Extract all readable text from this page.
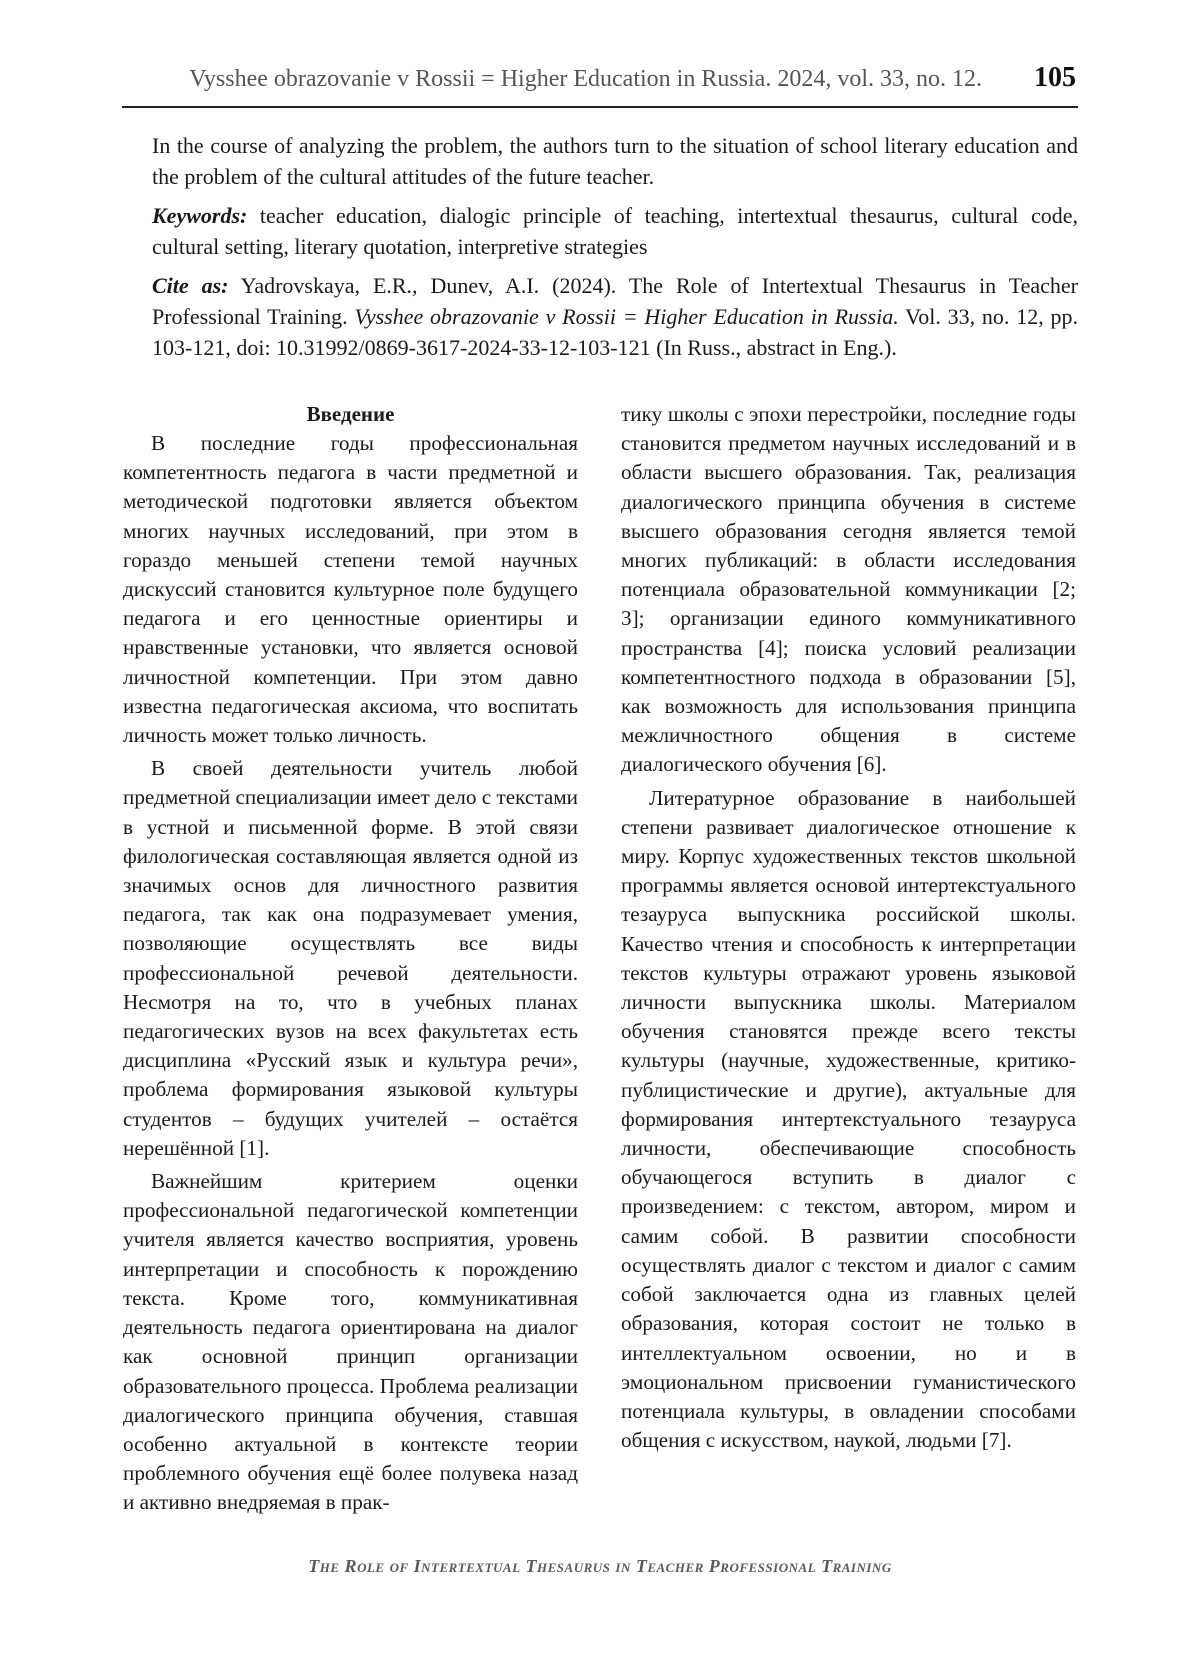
Vysshee obrazovanie v Rossii = Higher Education in Russia. 2024, vol. 33, no. 12. 105

In the course of analyzing the problem, the authors turn to the situation of school literary education and the problem of the cultural attitudes of the future teacher.

Keywords: teacher education, dialogic principle of teaching, intertextual thesaurus, cultural code, cultural setting, literary quotation, interpretive strategies

Cite as: Yadrovskaya, E.R., Dunev, A.I. (2024). The Role of Intertextual Thesaurus in Teacher Professional Training. Vysshee obrazovanie v Rossii = Higher Education in Russia. Vol. 33, no. 12, pp. 103-121, doi: 10.31992/0869-3617-2024-33-12-103-121 (In Russ., abstract in Eng.).

Введение

В последние годы профессиональная компетентность педагога в части предметной и методической подготовки является объектом многих научных исследований, при этом в гораздо меньшей степени темой научных дискуссий становится культурное поле будущего педагога и его ценностные ориентиры и нравственные установки, что является основой личностной компетенции. При этом давно известна педагогическая аксиома, что воспитать личность может только личность.

В своей деятельности учитель любой предметной специализации имеет дело с текстами в устной и письменной форме. В этой связи филологическая составляющая является одной из значимых основ для личностного развития педагога, так как она подразумевает умения, позволяющие осуществлять все виды профессиональной речевой деятельности. Несмотря на то, что в учебных планах педагогических вузов на всех факультетах есть дисциплина «Русский язык и культура речи», проблема формирования языковой культуры студентов – будущих учителей – остаётся нерешённой [1].

Важнейшим критерием оценки профессиональной педагогической компетенции учителя является качество восприятия, уровень интерпретации и способность к порождению текста. Кроме того, коммуникативная деятельность педагога ориентирована на диалог как основной принцип организации образовательного процесса. Проблема реализации диалогического принципа обучения, ставшая особенно актуальной в контексте теории проблемного обучения ещё более полувека назад и активно внедряемая в прак-

тику школы с эпохи перестройки, последние годы становится предметом научных исследований и в области высшего образования. Так, реализация диалогического принципа обучения в системе высшего образования сегодня является темой многих публикаций: в области исследования потенциала образовательной коммуникации [2; 3]; организации единого коммуникативного пространства [4]; поиска условий реализации компетентностного подхода в образовании [5], как возможность для использования принципа межличностного общения в системе диалогического обучения [6].

Литературное образование в наибольшей степени развивает диалогическое отношение к миру. Корпус художественных текстов школьной программы является основой интертекстуального тезауруса выпускника российской школы. Качество чтения и способность к интерпретации текстов культуры отражают уровень языковой личности выпускника школы. Материалом обучения становятся прежде всего тексты культуры (научные, художественные, критико-публицистические и другие), актуальные для формирования интертекстуального тезауруса личности, обеспечивающие способность обучающегося вступить в диалог с произведением: с текстом, автором, миром и самим собой. В развитии способности осуществлять диалог с текстом и диалог с самим собой заключается одна из главных целей образования, которая состоит не только в интеллектуальном освоении, но и в эмоциональном присвоении гуманистического потенциала культуры, в овладении способами общения с искусством, наукой, людьми [7].

The Role of Intertextual Thesaurus in Teacher Professional Training
